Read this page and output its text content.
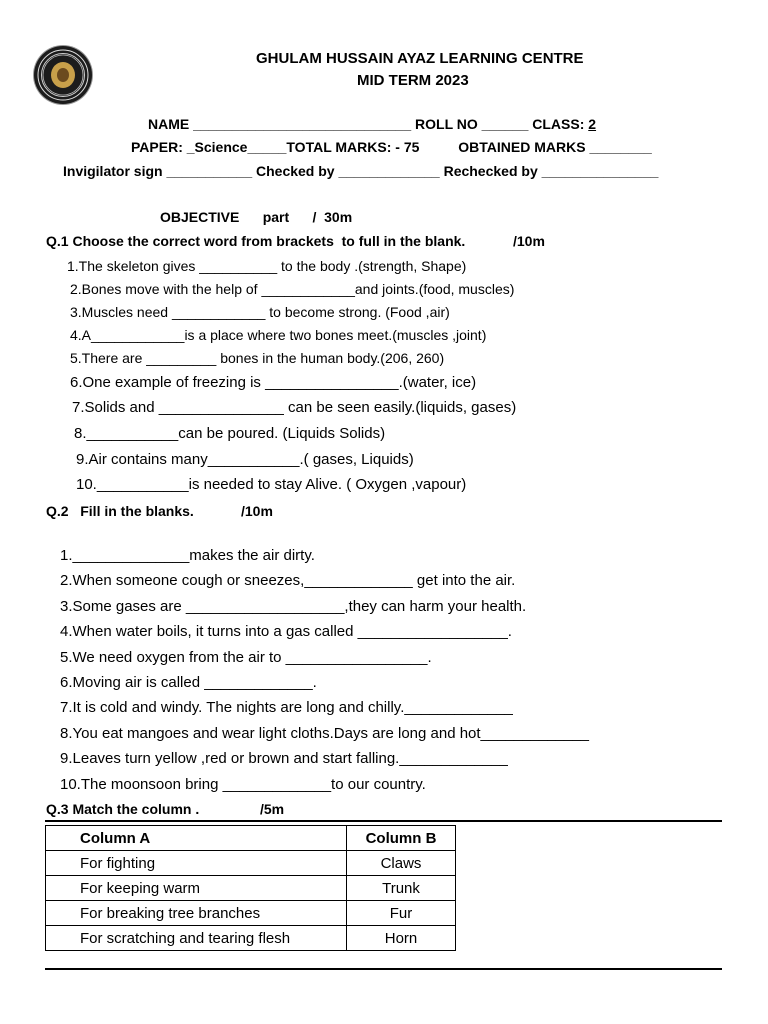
GHULAM HUSSAIN AYAZ LEARNING CENTRE
MID TERM 2023
NAME ____________________________ ROLL NO ______ CLASS: 2
PAPER: _Science_____TOTAL MARKS: - 75          OBTAINED MARKS ________
Invigilator sign ___________ Checked by _____________ Rechecked by _______________
OBJECTIVE      part      /  30m
Q.1 Choose the correct word from brackets  to full in the blank.	/10m
1.The skeleton gives __________ to the body .(strength, Shape)
2.Bones move with the help of ____________and joints.(food, muscles)
3.Muscles need ____________ to become strong. (Food ,air)
4.A____________is a place where two bones meet.(muscles ,joint)
5.There are _________ bones in the human body.(206, 260)
6.One example of freezing is ________________.(water, ice)
7.Solids and _______________ can be seen easily.(liquids, gases)
8.___________can be poured. (Liquids Solids)
9.Air contains many___________.( gases, Liquids)
10.___________is needed to stay Alive. ( Oxygen ,vapour)
Q.2   Fill in the blanks.	/10m
1.______________makes the air dirty.
2.When someone cough or sneezes,_____________ get into the air.
3.Some gases are ___________________,they can harm your health.
4.When water boils, it turns into a gas called __________________.
5.We need oxygen from the air to _________________.
6.Moving air is called _____________.
7.It is cold and windy. The nights are long and chilly._____________
8.You eat mangoes and wear light cloths.Days are long and hot_____________
9.Leaves turn yellow ,red or brown and start falling._____________
10.The moonsoon bring _____________to our country.
Q.3 Match the column .	/5m
Column A	Column B
For fighting	Claws
For keeping warm	Trunk
For breaking tree branches	Fur
For scratching and tearing flesh	Horn
